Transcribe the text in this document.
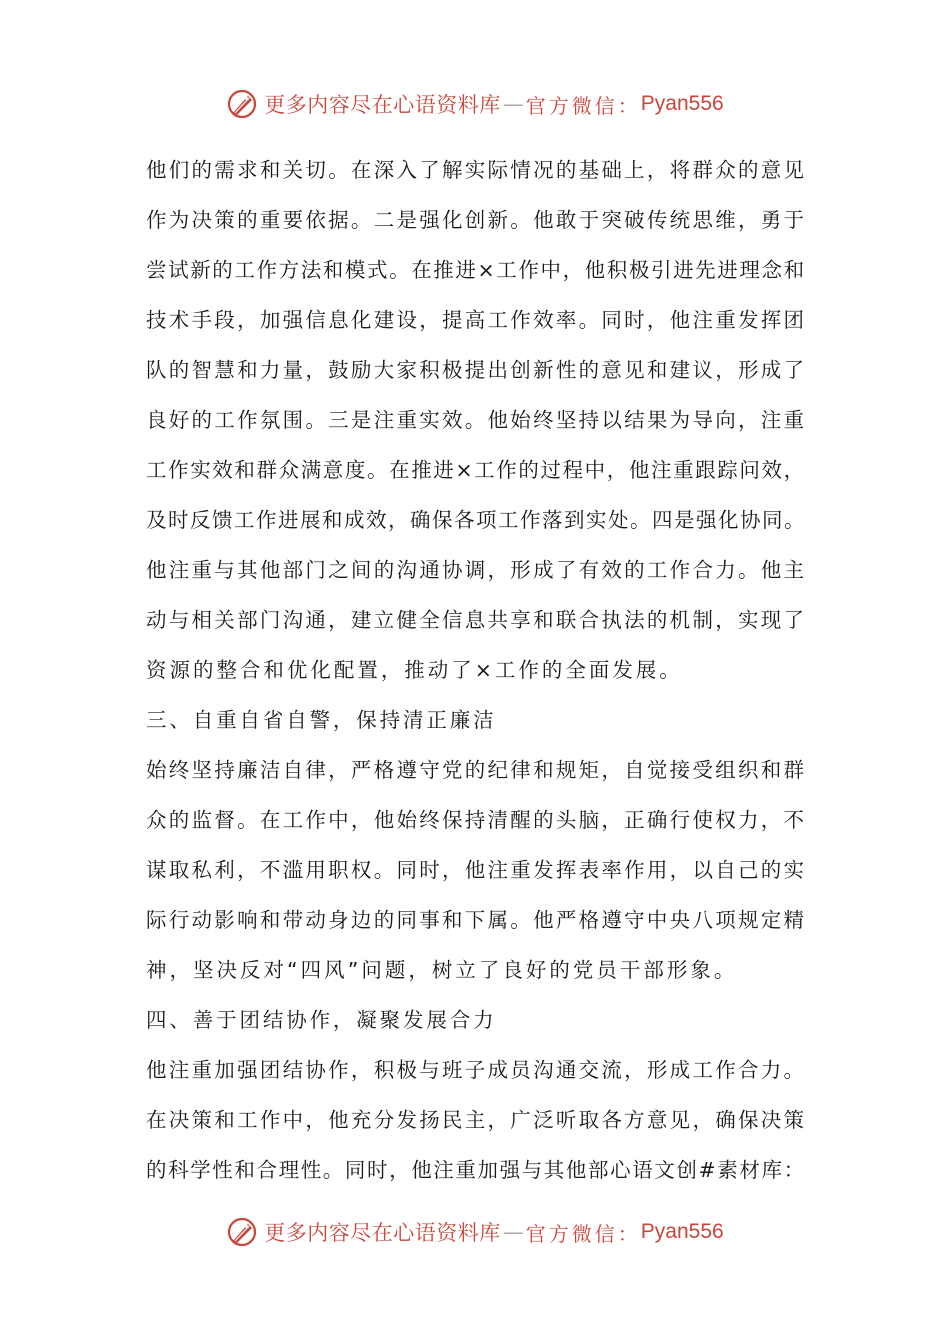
更多内容尽在心语资料库 — 官方微信： Pyan556
他们的需求和关切。在深入了解实际情况的基础上，将群众的意见
作为决策的重要依据。二是强化创新。他敢于突破传统思维，勇于
尝试新的工作方法和模式。在推进×工作中，他积极引进先进理念和
技术手段，加强信息化建设，提高工作效率。同时，他注重发挥团
队的智慧和力量，鼓励大家积极提出创新性的意见和建议，形成了
良好的工作氛围。三是注重实效。他始终坚持以结果为导向，注重
工作实效和群众满意度。在推进×工作的过程中，他注重跟踪问效，
及时反馈工作进展和成效，确保各项工作落到实处。四是强化协同。
他注重与其他部门之间的沟通协调，形成了有效的工作合力。他主
动与相关部门沟通，建立健全信息共享和联合执法的机制，实现了
资源的整合和优化配置，推动了×工作的全面发展。
三、自重自省自警，保持清正廉洁
始终坚持廉洁自律，严格遵守党的纪律和规矩，自觉接受组织和群
众的监督。在工作中，他始终保持清醒的头脑，正确行使权力，不
谋取私利，不滥用职权。同时，他注重发挥表率作用，以自己的实
际行动影响和带动身边的同事和下属。他严格遵守中央八项规定精
神，坚决反对“四风”问题，树立了良好的党员干部形象。
四、善于团结协作，凝聚发展合力
他注重加强团结协作，积极与班子成员沟通交流，形成工作合力。
在决策和工作中，他充分发扬民主，广泛听取各方意见，确保决策
的科学性和合理性。同时，他注重加强与其他部心语文创#素材库：
更多内容尽在心语资料库 — 官方微信： Pyan556
